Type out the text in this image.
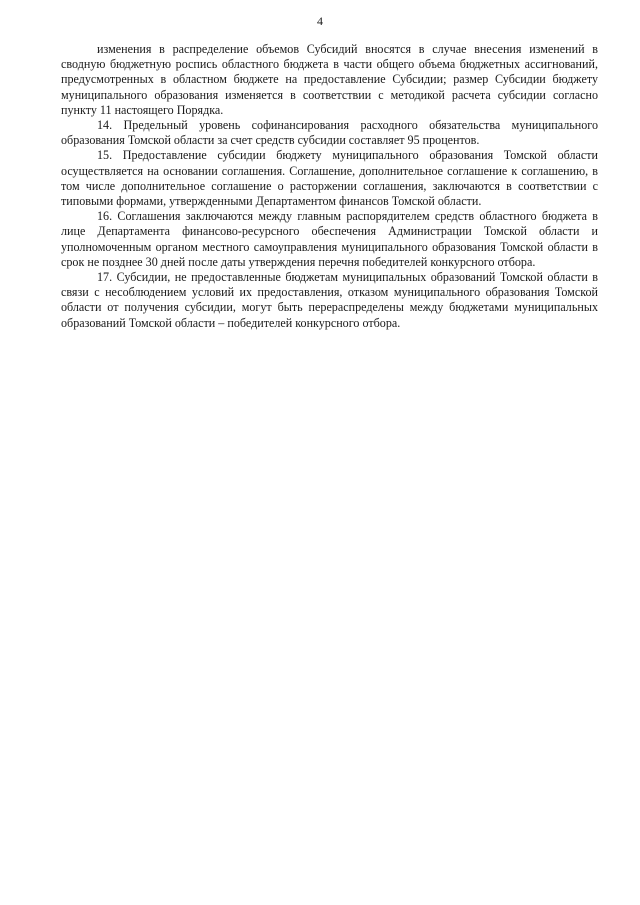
4

изменения в распределение объемов Субсидий вносятся в случае внесения изменений в сводную бюджетную роспись областного бюджета в части общего объема бюджетных ассигнований, предусмотренных в областном бюджете на предоставление Субсидии; размер Субсидии бюджету муниципального образования изменяется в соответствии с методикой расчета субсидии согласно пункту 11 настоящего Порядка.

14. Предельный уровень софинансирования расходного обязательства муниципального образования Томской области за счет средств субсидии составляет 95 процентов.

15. Предоставление субсидии бюджету муниципального образования Томской области осуществляется на основании соглашения. Соглашение, дополнительное соглашение к соглашению, в том числе дополнительное соглашение о расторжении соглашения, заключаются в соответствии с типовыми формами, утвержденными Департаментом финансов Томской области.

16. Соглашения заключаются между главным распорядителем средств областного бюджета в лице Департамента финансово-ресурсного обеспечения Администрации Томской области и уполномоченным органом местного самоуправления муниципального образования Томской области в срок не позднее 30 дней после даты утверждения перечня победителей конкурсного отбора.

17. Субсидии, не предоставленные бюджетам муниципальных образований Томской области в связи с несоблюдением условий их предоставления, отказом муниципального образования Томской области от получения субсидии, могут быть перераспределены между бюджетами муниципальных образований Томской области – победителей конкурсного отбора.
